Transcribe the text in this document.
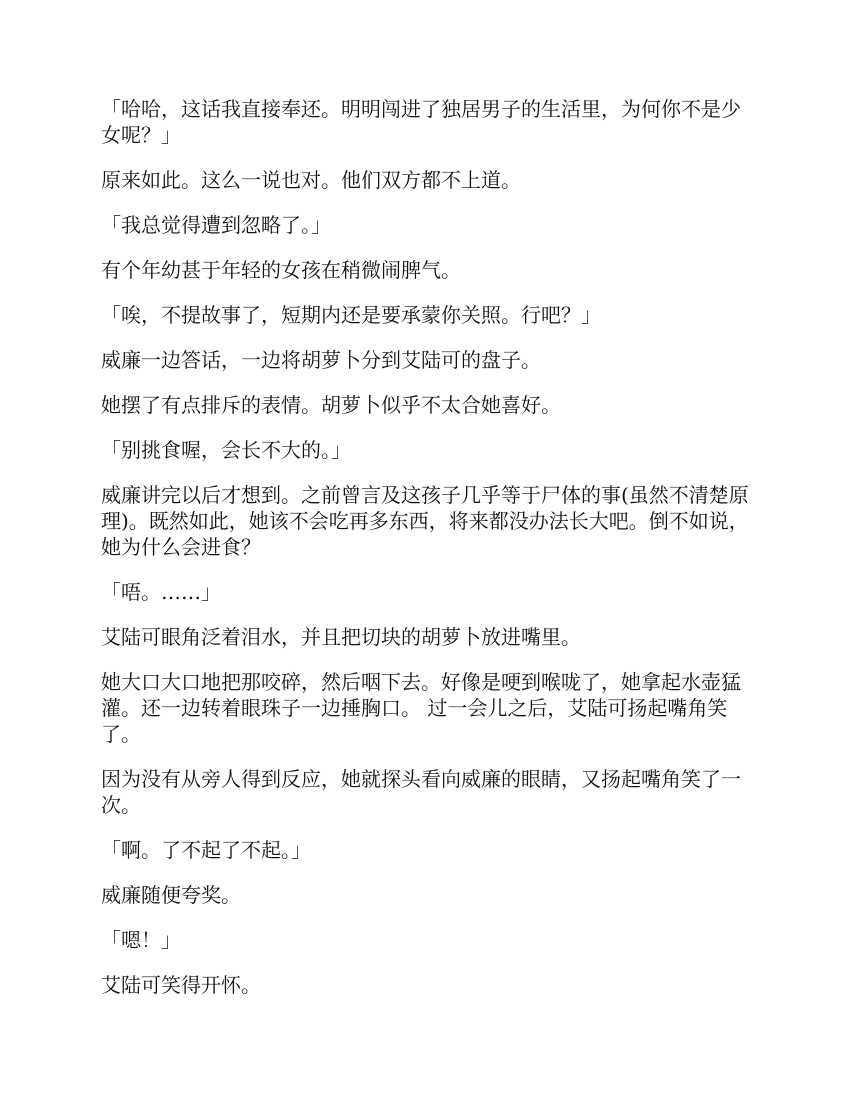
「哈哈，这话我直接奉还。明明闯进了独居男子的生活里，为何你不是少女呢？」

原来如此。这么一说也对。他们双方都不上道。

「我总觉得遭到忽略了。」

有个年幼甚于年轻的女孩在稍微闹脾气。

「唉，不提故事了，短期内还是要承蒙你关照。行吧？」

威廉一边答话，一边将胡萝卜分到艾陆可的盘子。

她摆了有点排斥的表情。胡萝卜似乎不太合她喜好。

「别挑食喔，会长不大的。」

威廉讲完以后才想到。之前曾言及这孩子几乎等于尸体的事(虽然不清楚原理)。既然如此，她该不会吃再多东西，将来都没办法长大吧。倒不如说，她为什么会进食？

「唔。……」

艾陆可眼角泛着泪水，并且把切块的胡萝卜放进嘴里。

她大口大口地把那咬碎，然后咽下去。好像是哽到喉咙了，她拿起水壶猛灌。还一边转着眼珠子一边捶胸口。 过一会儿之后，艾陆可扬起嘴角笑了。

因为没有从旁人得到反应，她就探头看向威廉的眼睛，又扬起嘴角笑了一次。

「啊。了不起了不起。」

威廉随便夸奖。

「嗯！」

艾陆可笑得开怀。
